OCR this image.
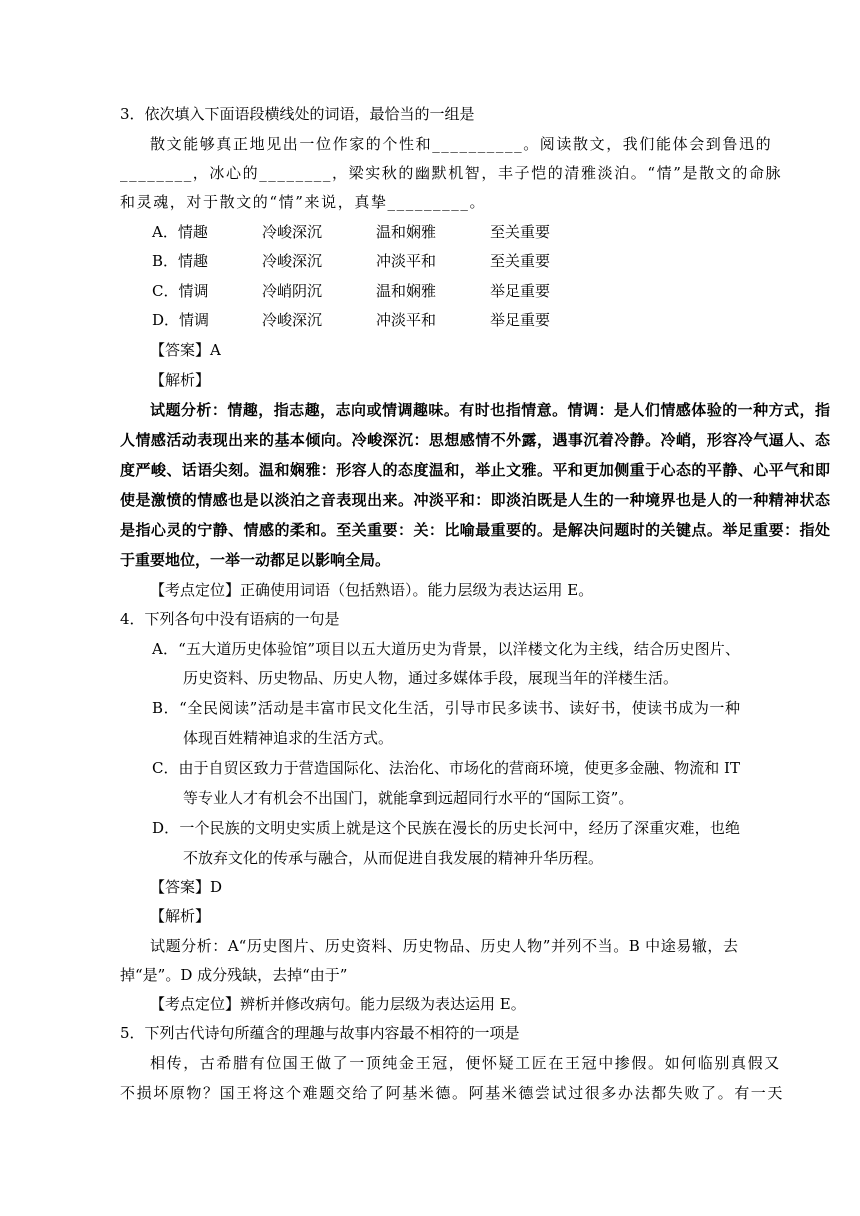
3．依次填入下面语段横线处的词语，最恰当的一组是
散文能够真正地见出一位作家的个性和__________。阅读散文，我们能体会到鲁迅的
________，冰心的________，梁实秋的幽默机智，丰子恺的清雅淡泊。“情”是散文的命脉
和灵魂，对于散文的“情”来说，真挚_________。
A．情趣	冷峻深沉	温和娴雅	至关重要
B．情趣	冷峻深沉	冲淡平和	至关重要
C．情调	冷峭阴沉	温和娴雅	举足重要
D．情调	冷峻深沉	冲淡平和	举足重要
【答案】A
【解析】
试题分析：情趣，指志趣，志向或情调趣味。有时也指情意。情调：是人们情感体验的一种方式，指
人情感活动表现出来的基本倾向。冷峻深沉：思想感情不外露，遇事沉着冷静。冷峭，形容冷气逼人、态
度严峻、话语尖刻。温和娴雅：形容人的态度温和，举止文雅。平和更加侧重于心态的平静、心平气和即
使是激愤的情感也是以淡泊之音表现出来。冲淡平和：即淡泊既是人生的一种境界也是人的一种精神状态
是指心灵的宁静、情感的柔和。至关重要：关：比喻最重要的。是解决问题时的关键点。举足重要：指处
于重要地位，一举一动都足以影响全局。
【考点定位】正确使用词语（包括熟语）。能力层级为表达运用 E。
4．下列各句中没有语病的一句是
A．“五大道历史体验馆”项目以五大道历史为背景，以洋楼文化为主线，结合历史图片、
历史资料、历史物品、历史人物，通过多媒体手段，展现当年的洋楼生活。
B．“全民阅读”活动是丰富市民文化生活，引导市民多读书、读好书，使读书成为一种
体现百姓精神追求的生活方式。
C．由于自贸区致力于营造国际化、法治化、市场化的营商环境，使更多金融、物流和 IT
等专业人才有机会不出国门，就能拿到远超同行水平的“国际工资”。
D．一个民族的文明史实质上就是这个民族在漫长的历史长河中，经历了深重灾难，也绝
不放弃文化的传承与融合，从而促进自我发展的精神升华历程。
【答案】D
【解析】
试题分析：A“历史图片、历史资料、历史物品、历史人物”并列不当。B 中途易辙，去
掉“是”。D 成分残缺，去掉“由于”
【考点定位】辨析并修改病句。能力层级为表达运用 E。
5．下列古代诗句所蕴含的理趣与故事内容最不相符的一项是
相传，古希腊有位国王做了一顶纯金王冠，便怀疑工匠在王冠中掺假。如何临别真假又
不损坏原物？国王将这个难题交给了阿基米德。阿基米德尝试过很多办法都失败了。有一天
